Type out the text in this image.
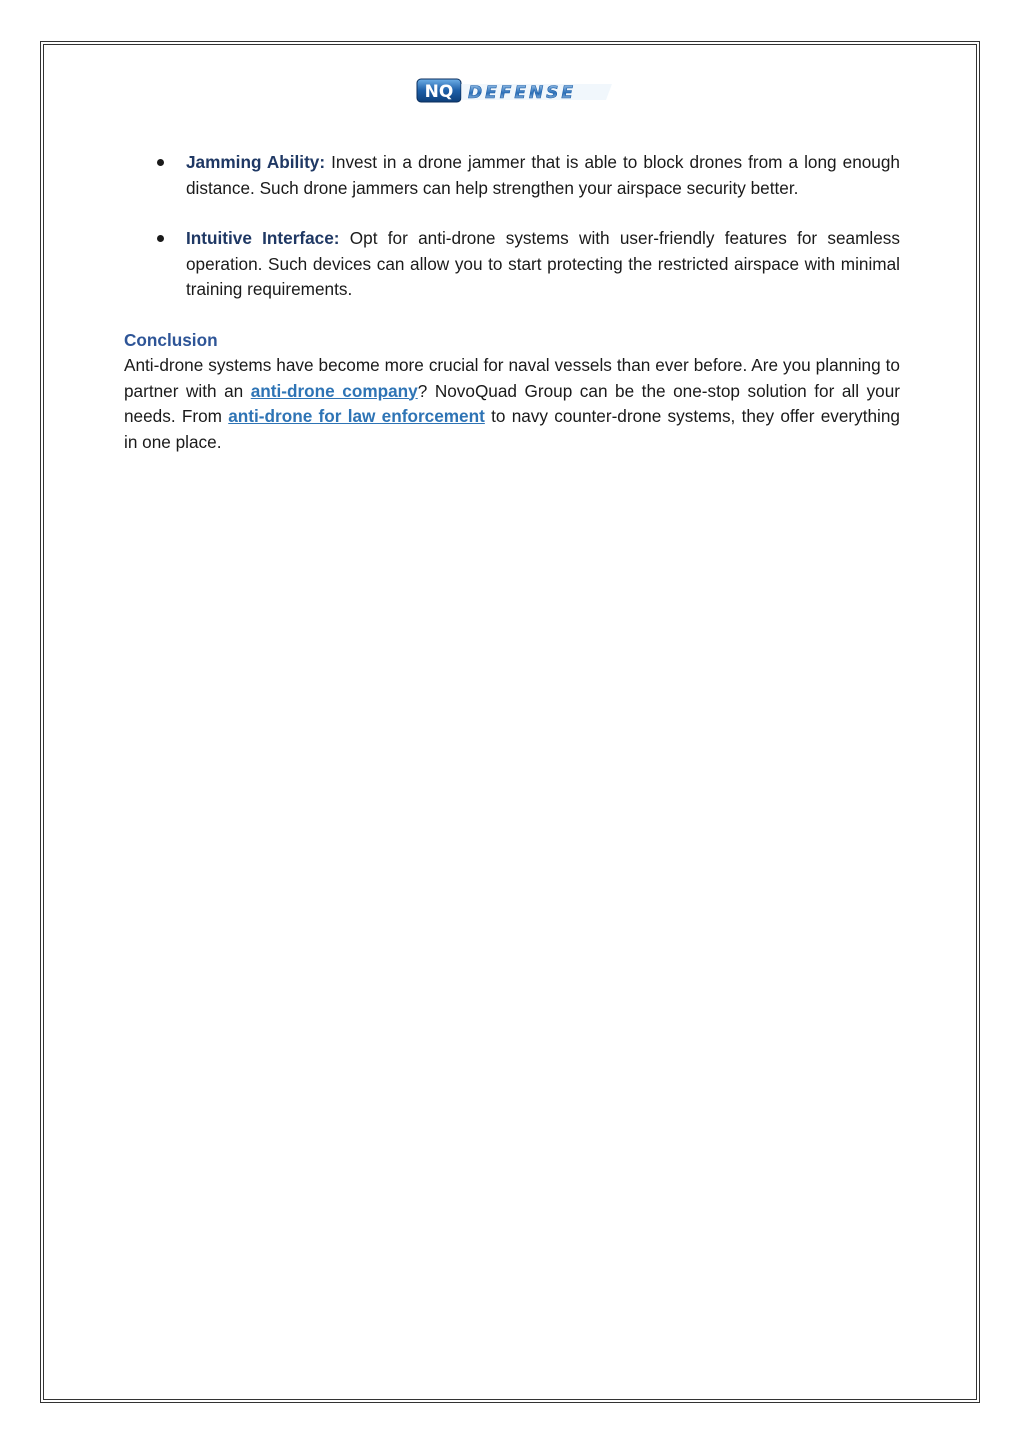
NQ DEFENSE
Jamming Ability: Invest in a drone jammer that is able to block drones from a long enough distance. Such drone jammers can help strengthen your airspace security better.
Intuitive Interface: Opt for anti-drone systems with user-friendly features for seamless operation. Such devices can allow you to start protecting the restricted airspace with minimal training requirements.
Conclusion

Anti-drone systems have become more crucial for naval vessels than ever before. Are you planning to partner with an anti-drone company? NovoQuad Group can be the one-stop solution for all your needs. From anti-drone for law enforcement to navy counter-drone systems, they offer everything in one place.
